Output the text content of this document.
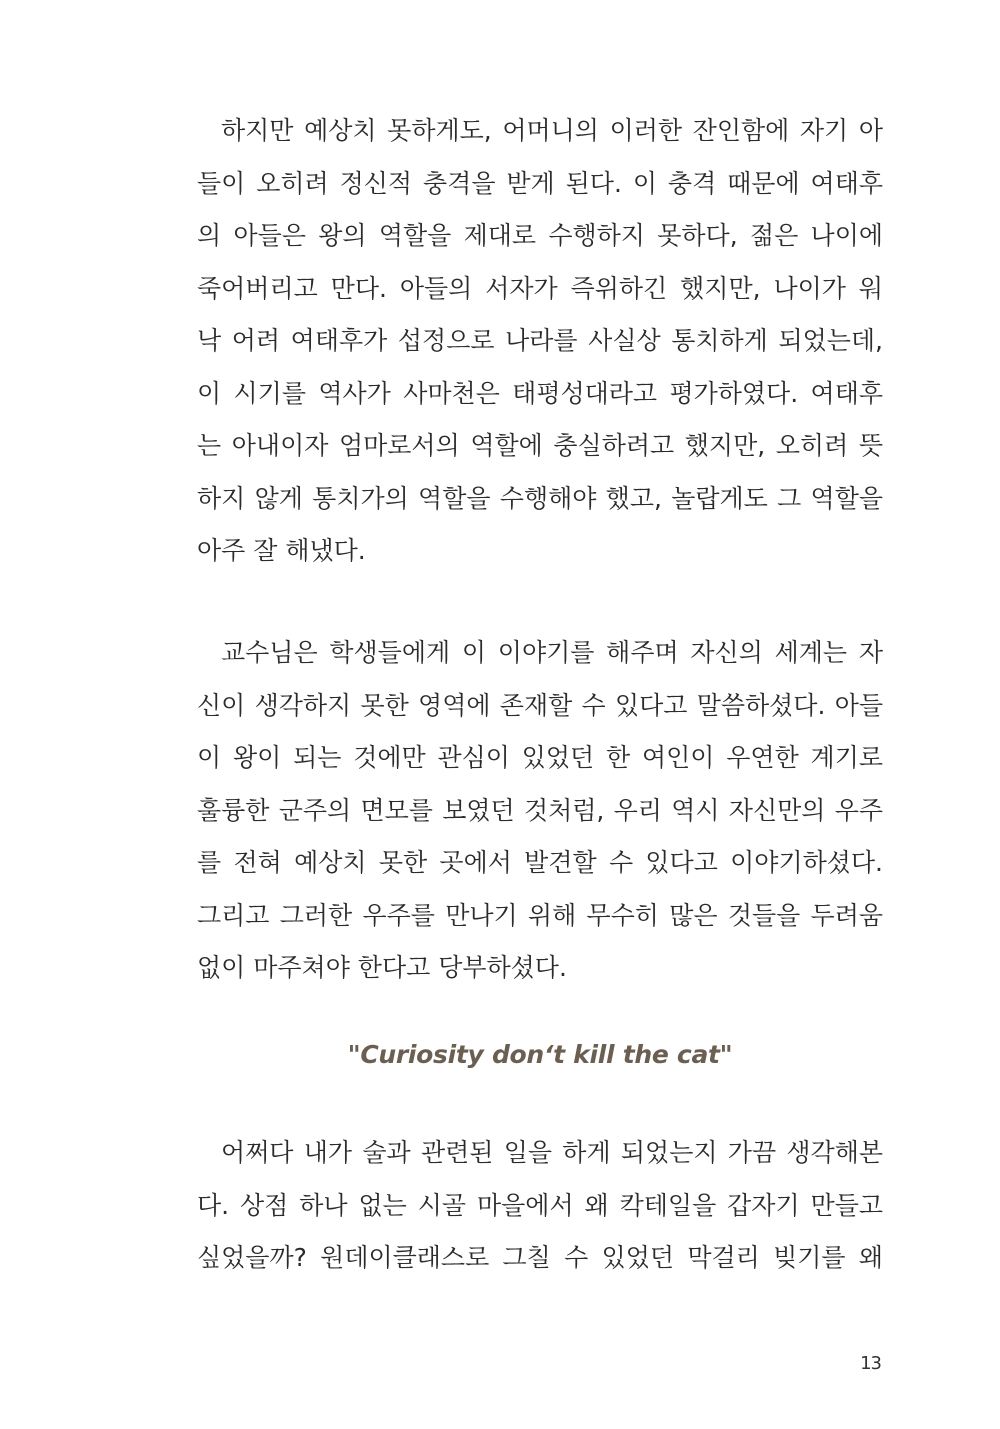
하지만 예상치 못하게도, 어머니의 이러한 잔인함에 자기 아
들이 오히려 정신적 충격을 받게 된다. 이 충격 때문에 여태후
의 아들은 왕의 역할을 제대로 수행하지 못하다, 젊은 나이에
죽어버리고 만다. 아들의 서자가 즉위하긴 했지만, 나이가 워
낙 어려 여태후가 섭정으로 나라를 사실상 통치하게 되었는데,
이 시기를 역사가 사마천은 태평성대라고 평가하였다. 여태후
는 아내이자 엄마로서의 역할에 충실하려고 했지만, 오히려 뜻
하지 않게 통치가의 역할을 수행해야 했고, 놀랍게도 그 역할을
아주 잘 해냈다.
교수님은 학생들에게 이 이야기를 해주며 자신의 세계는 자
신이 생각하지 못한 영역에 존재할 수 있다고 말씀하셨다. 아들
이 왕이 되는 것에만 관심이 있었던 한 여인이 우연한 계기로
훌륭한 군주의 면모를 보였던 것처럼, 우리 역시 자신만의 우주
를 전혀 예상치 못한 곳에서 발견할 수 있다고 이야기하셨다.
그리고 그러한 우주를 만나기 위해 무수히 많은 것들을 두려움
없이 마주쳐야 한다고 당부하셨다.
"Curiosity don‘t kill the cat"
어쩌다 내가 술과 관련된 일을 하게 되었는지 가끔 생각해본
다. 상점 하나 없는 시골 마을에서 왜 칵테일을 갑자기 만들고
싶었을까? 원데이클래스로 그칠 수 있었던 막걸리 빚기를 왜
13
